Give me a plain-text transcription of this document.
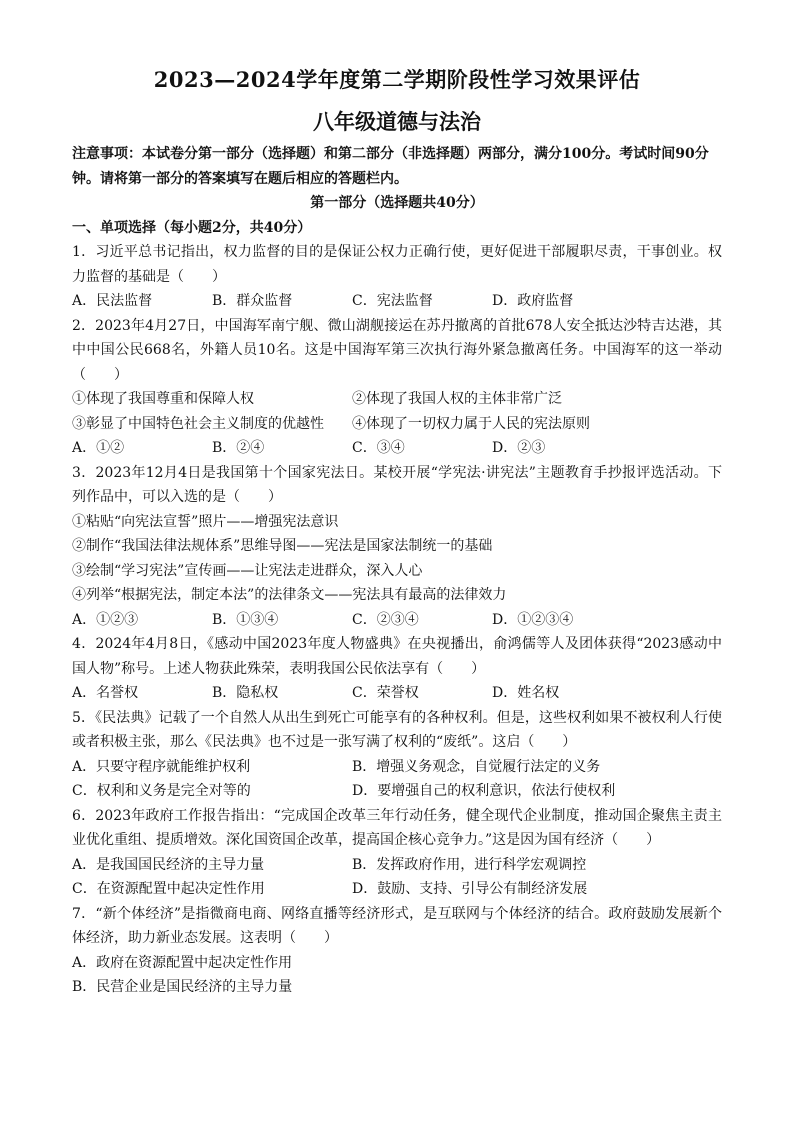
2023—2024学年度第二学期阶段性学习效果评估
八年级道德与法治
注意事项：本试卷分第一部分（选择题）和第二部分（非选择题）两部分，满分100分。考试时间90分钟。请将第一部分的答案填写在题后相应的答题栏内。
第一部分（选择题共40分）
一、单项选择（每小题2分，共40分）
1．习近平总书记指出，权力监督的目的是保证公权力正确行使，更好促进干部履职尽责，干事创业。权力监督的基础是（　　）
A．民法监督	B．群众监督	C．宪法监督	D．政府监督
2．2023年4月27日，中国海军南宁舰、微山湖舰接运在苏丹撤离的首批678人安全抵达沙特吉达港，其中中国公民668名，外籍人员10名。这是中国海军第三次执行海外紧急撤离任务。中国海军的这一举动（　　）
①体现了我国尊重和保障人权	②体现了我国人权的主体非常广泛
③彰显了中国特色社会主义制度的优越性	④体现了一切权力属于人民的宪法原则
A．①②	B．②④	C．③④	D．②③
3．2023年12月4日是我国第十个国家宪法日。某校开展“学宪法·讲宪法”主题教育手抄报评选活动。下列作品中，可以入选的是（　　）
①粘贴“向宪法宣誓”照片——增强宪法意识
②制作“我国法律法规体系”思维导图——宪法是国家法制统一的基础
③绘制“学习宪法”宣传画——让宪法走进群众，深入人心
④列举“根据宪法，制定本法”的法律条文——宪法具有最高的法律效力
A．①②③	B．①③④	C．②③④	D．①②③④
4．2024年4月8日，《感动中国2023年度人物盛典》在央视播出，俞鸿儒等人及团体获得“2023感动中国人物”称号。上述人物获此殊荣，表明我国公民依法享有（　　）
A．名誉权	B．隐私权	C．荣誉权	D．姓名权
5．《民法典》记载了一个自然人从出生到死亡可能享有的各种权利。但是，这些权利如果不被权利人行使或者积极主张，那么《民法典》也不过是一张写满了权利的“废纸”。这启（　　）
A．只要守程序就能维护权利	B．增强义务观念，自觉履行法定的义务
C．权利和义务是完全对等的	D．要增强自己的权利意识，依法行使权利
6．2023年政府工作报告指出：“完成国企改革三年行动任务，健全现代企业制度，推动国企聚焦主责主业优化重组、提质增效。深化国资国企改革，提高国企核心竞争力。”这是因为国有经济（　　）
A．是我国国民经济的主导力量	B．发挥政府作用，进行科学宏观调控
C．在资源配置中起决定性作用	D．鼓励、支持、引导公有制经济发展
7．“新个体经济”是指微商电商、网络直播等经济形式，是互联网与个体经济的结合。政府鼓励发展新个体经济，助力新业态发展。这表明（　　）
A．政府在资源配置中起决定性作用
B．民营企业是国民经济的主导力量
